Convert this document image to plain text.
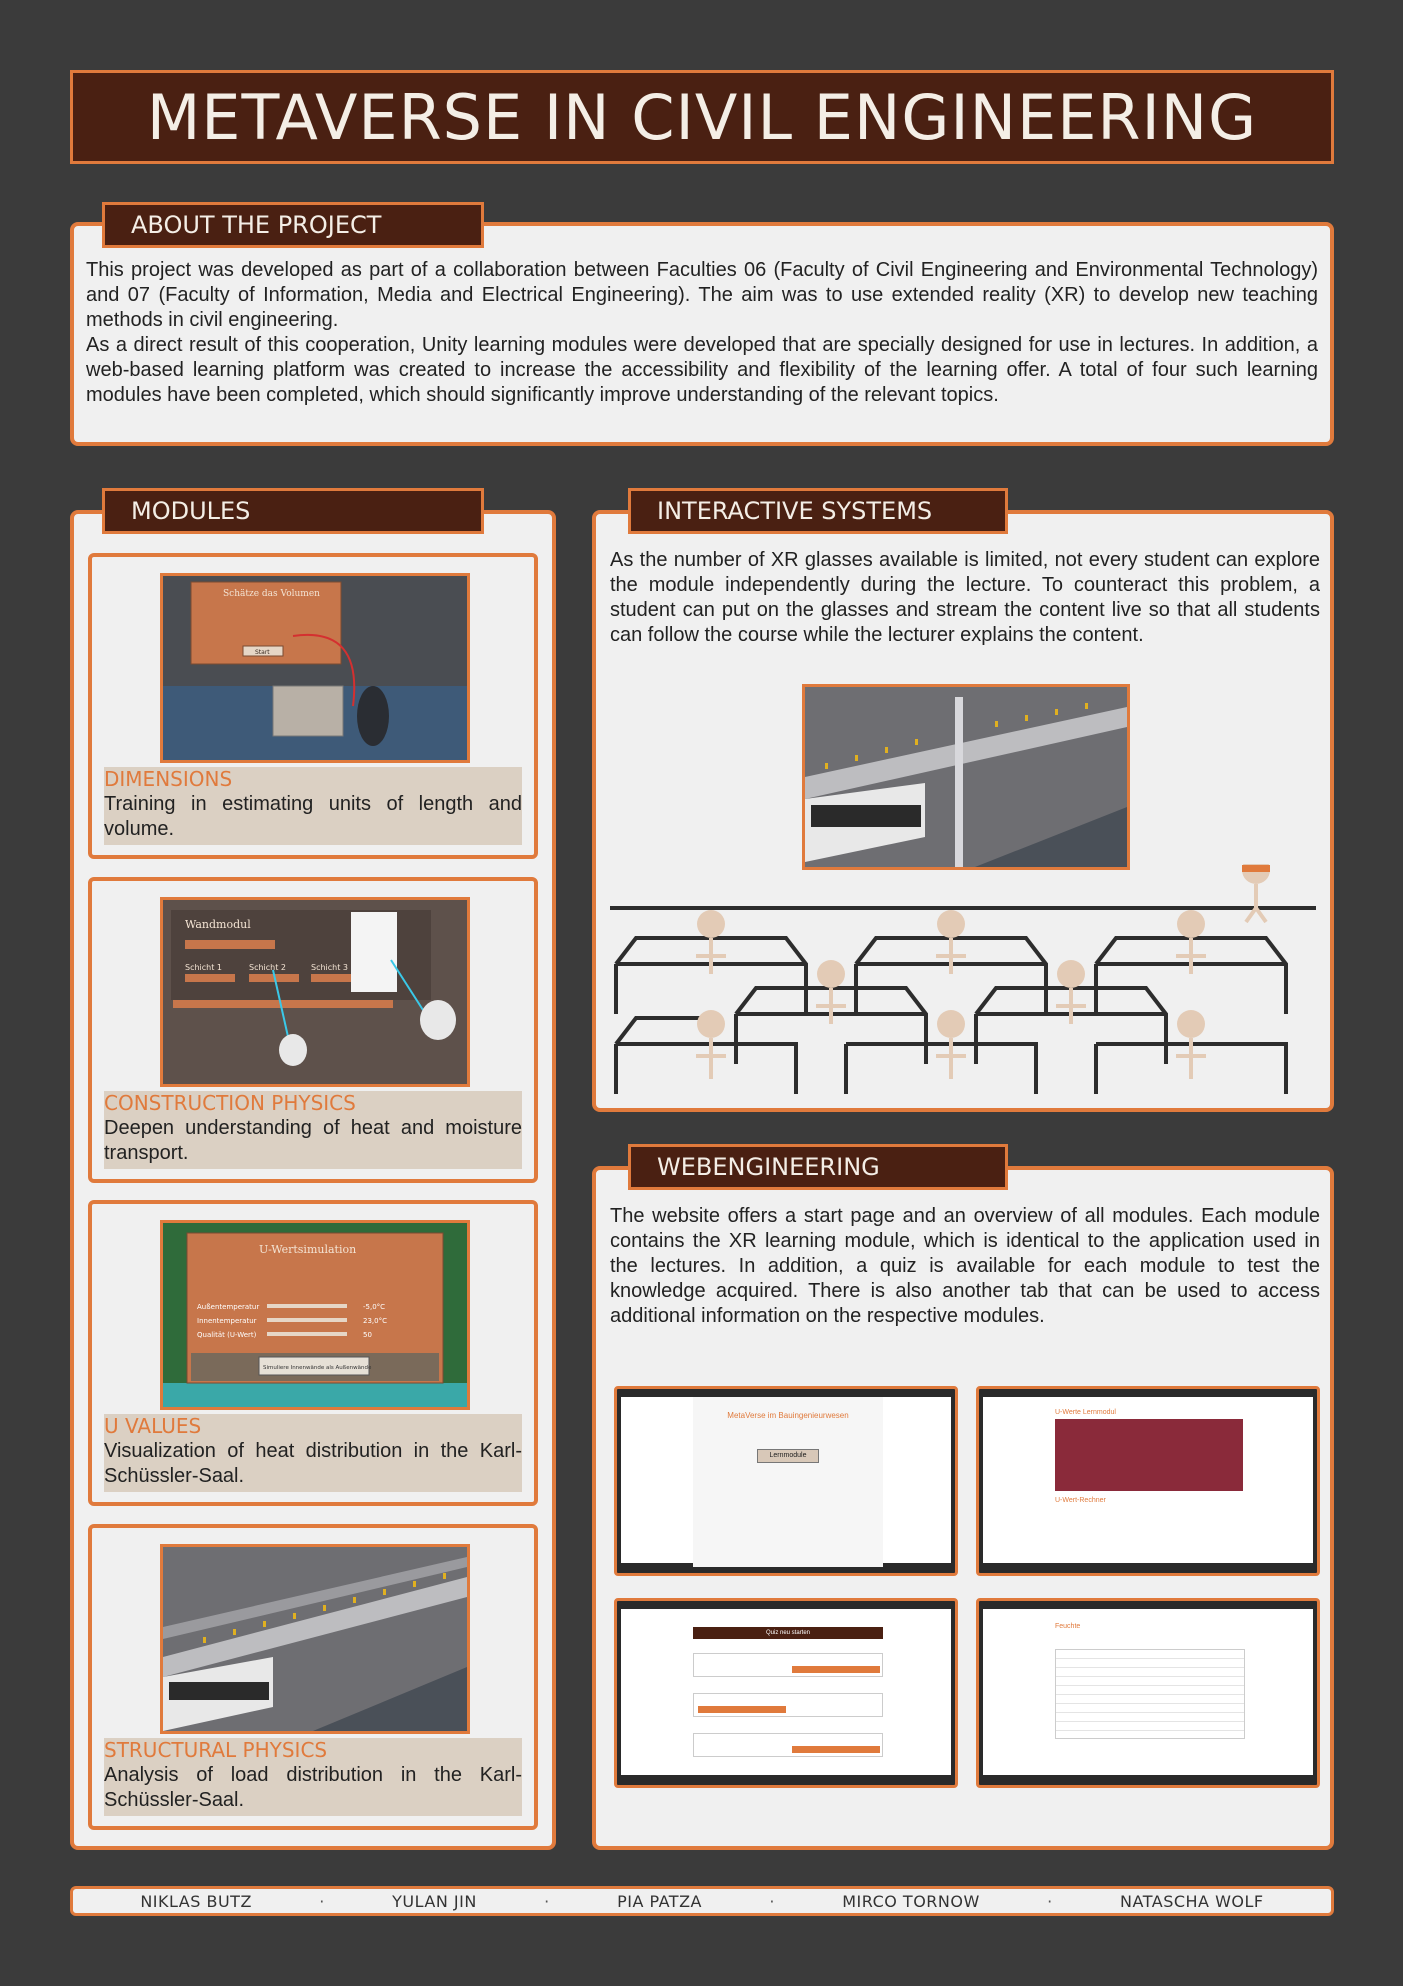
METAVERSE IN CIVIL ENGINEERING

This project was developed as part of a collaboration between Faculties 06 (Faculty of Civil Engineering and Environmental Technology) and 07 (Faculty of Information, Media and Electrical Engineering). The aim was to use extended reality (XR) to develop new teaching methods in civil engineering.

As a direct result of this cooperation, Unity learning modules were developed that are specially designed for use in lectures. In addition, a web-based learning platform was created to increase the accessibility and flexibility of the learning offer. A total of four such learning modules have been completed, which should significantly improve understanding of the relevant topics.

ABOUT THE PROJECT
MODULES
Schätze das Volumen
Start
DIMENSIONS
Training in estimating units of length and volume.
Wandmodul
Schicht 1	Schicht 2	Schicht 3
CONSTRUCTION PHYSICS
Deepen understanding of heat and moisture transport.
U-Wertsimulation
Außentemperatur	-5,0°C
Innentemperatur	23,0°C
Qualität (U-Wert)	50
Simuliere Innenwände als Außenwände
U VALUES
Visualization of heat distribution in the Karl-Schüssler-Saal.
STRUCTURAL PHYSICS
Analysis of load distribution in the Karl-Schüssler-Saal.

As the number of XR glasses available is limited, not every student can explore the module independently during the lecture. To counteract this problem, a student can put on the glasses and stream the content live so that all students can follow the course while the lecturer explains the content.

INTERACTIVE SYSTEMS

The website offers a start page and an overview of all modules. Each module contains the XR learning module, which is identical to the application used in the lectures. In addition, a quiz is available for each module to test the knowledge acquired. There is also another tab that can be used to access additional information on the respective modules.

MetaVerse im Bauingenieurwesen
Lernmodule
U-Werte Lernmodul
U-Wert-Rechner
Quiz neu starten
Feuchte
WEBENGINEERING
NIKLAS BUTZ	·	YULAN JIN	·	PIA PATZA	·	MIRCO TORNOW	·	NATASCHA WOLF
